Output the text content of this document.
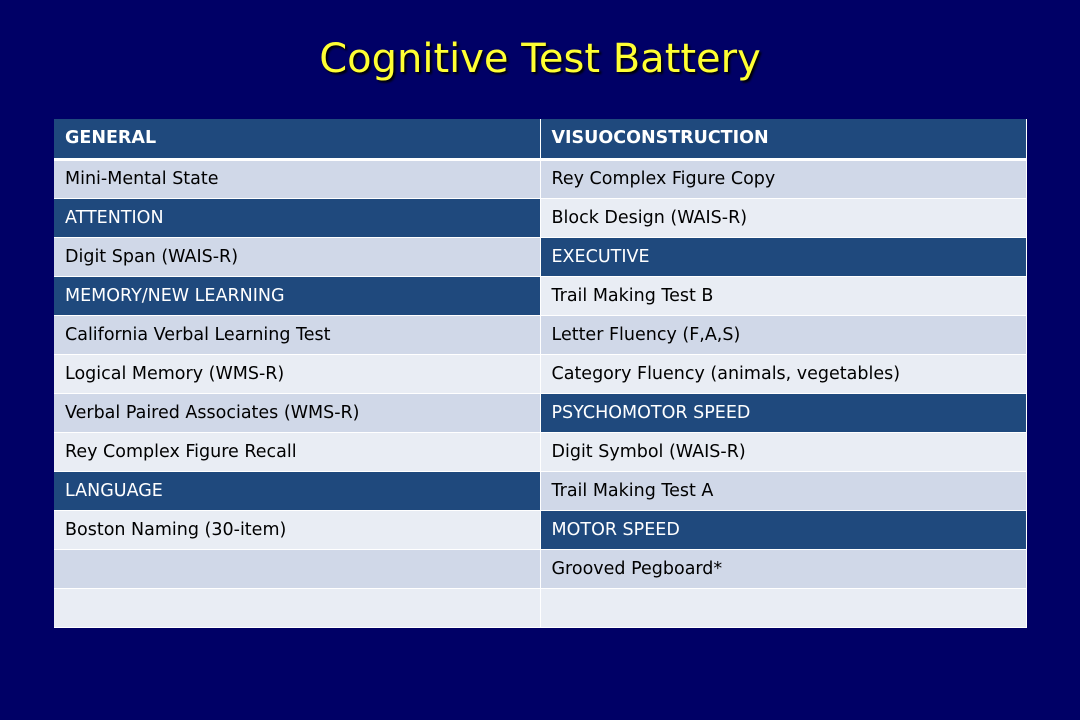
Cognitive Test Battery
GENERAL	VISUOCONSTRUCTION
Mini-Mental State	Rey Complex Figure Copy
ATTENTION	Block Design (WAIS-R)
Digit Span (WAIS-R)	EXECUTIVE
MEMORY/NEW LEARNING	Trail Making Test B
California Verbal Learning Test	Letter Fluency (F,A,S)
Logical Memory (WMS-R)	Category Fluency (animals, vegetables)
Verbal Paired Associates (WMS-R)	PSYCHOMOTOR SPEED
Rey Complex Figure Recall	Digit Symbol (WAIS-R)
LANGUAGE	Trail Making Test A
Boston Naming (30-item)	MOTOR SPEED
	Grooved Pegboard*
